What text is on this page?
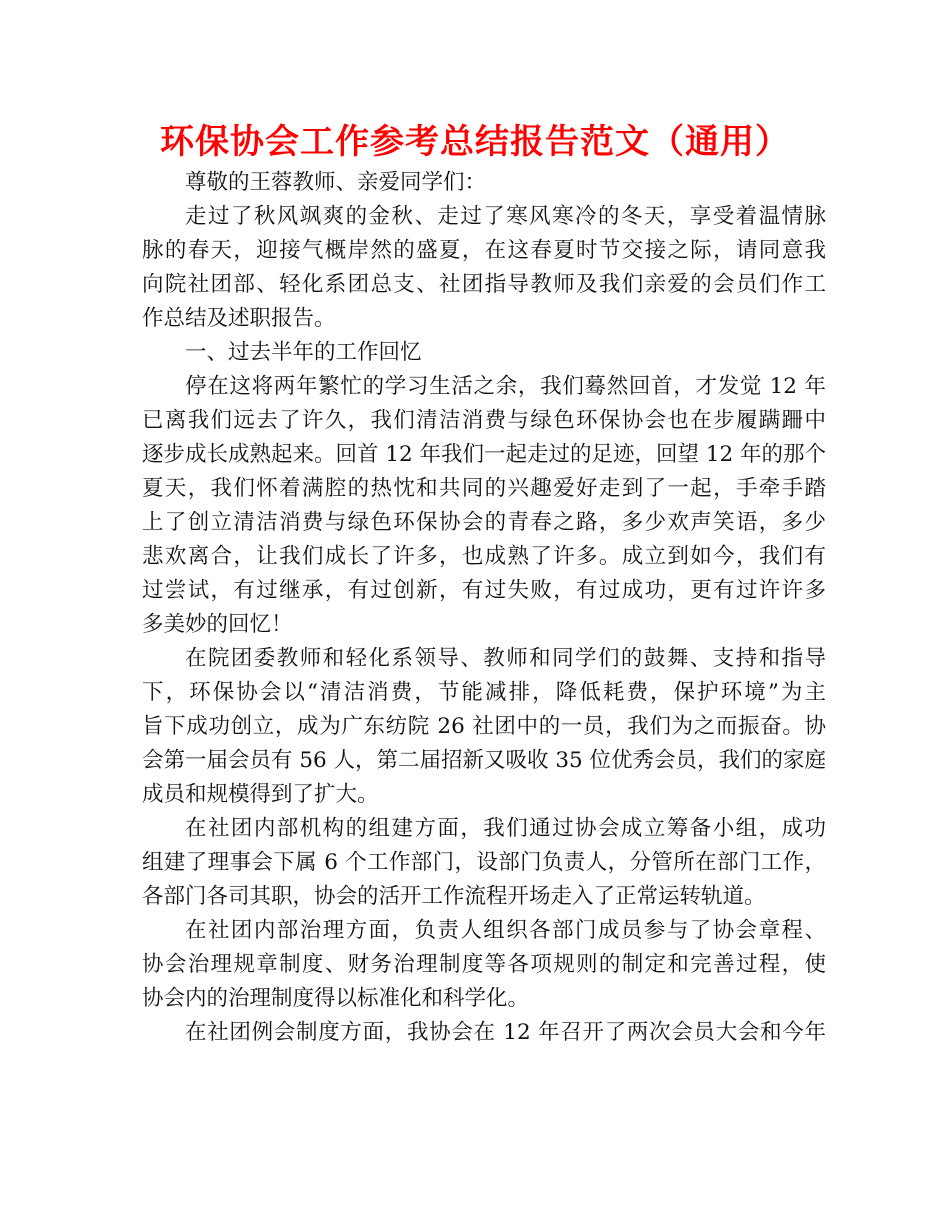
环保协会工作参考总结报告范文（通用）

尊敬的王蓉教师、亲爱同学们：

走过了秋风飒爽的金秋、走过了寒风寒冷的冬天，享受着温情脉
脉的春天，迎接气概岸然的盛夏，在这春夏时节交接之际，请同意我
向院社团部、轻化系团总支、社团指导教师及我们亲爱的会员们作工
作总结及述职报告。

一、过去半年的工作回忆

停在这将两年繁忙的学习生活之余，我们蓦然回首，才发觉 12 年
已离我们远去了许久，我们清洁消费与绿色环保协会也在步履蹒跚中
逐步成长成熟起来。回首 12 年我们一起走过的足迹，回望 12 年的那个
夏天，我们怀着满腔的热忱和共同的兴趣爱好走到了一起，手牵手踏
上了创立清洁消费与绿色环保协会的青春之路，多少欢声笑语，多少
悲欢离合，让我们成长了许多，也成熟了许多。成立到如今，我们有
过尝试，有过继承，有过创新，有过失败，有过成功，更有过许许多
多美妙的回忆！

在院团委教师和轻化系领导、教师和同学们的鼓舞、支持和指导
下，环保协会以“清洁消费，节能减排，降低耗费，保护环境”为主
旨下成功创立，成为广东纺院 26 社团中的一员，我们为之而振奋。协
会第一届会员有 56 人，第二届招新又吸收 35 位优秀会员，我们的家庭
成员和规模得到了扩大。

在社团内部机构的组建方面，我们通过协会成立筹备小组，成功
组建了理事会下属 6 个工作部门，设部门负责人，分管所在部门工作，
各部门各司其职，协会的活开工作流程开场走入了正常运转轨道。

在社团内部治理方面，负责人组织各部门成员参与了协会章程、
协会治理规章制度、财务治理制度等各项规则的制定和完善过程，使
协会内的治理制度得以标准化和科学化。

在社团例会制度方面，我协会在 12 年召开了两次会员大会和今年
